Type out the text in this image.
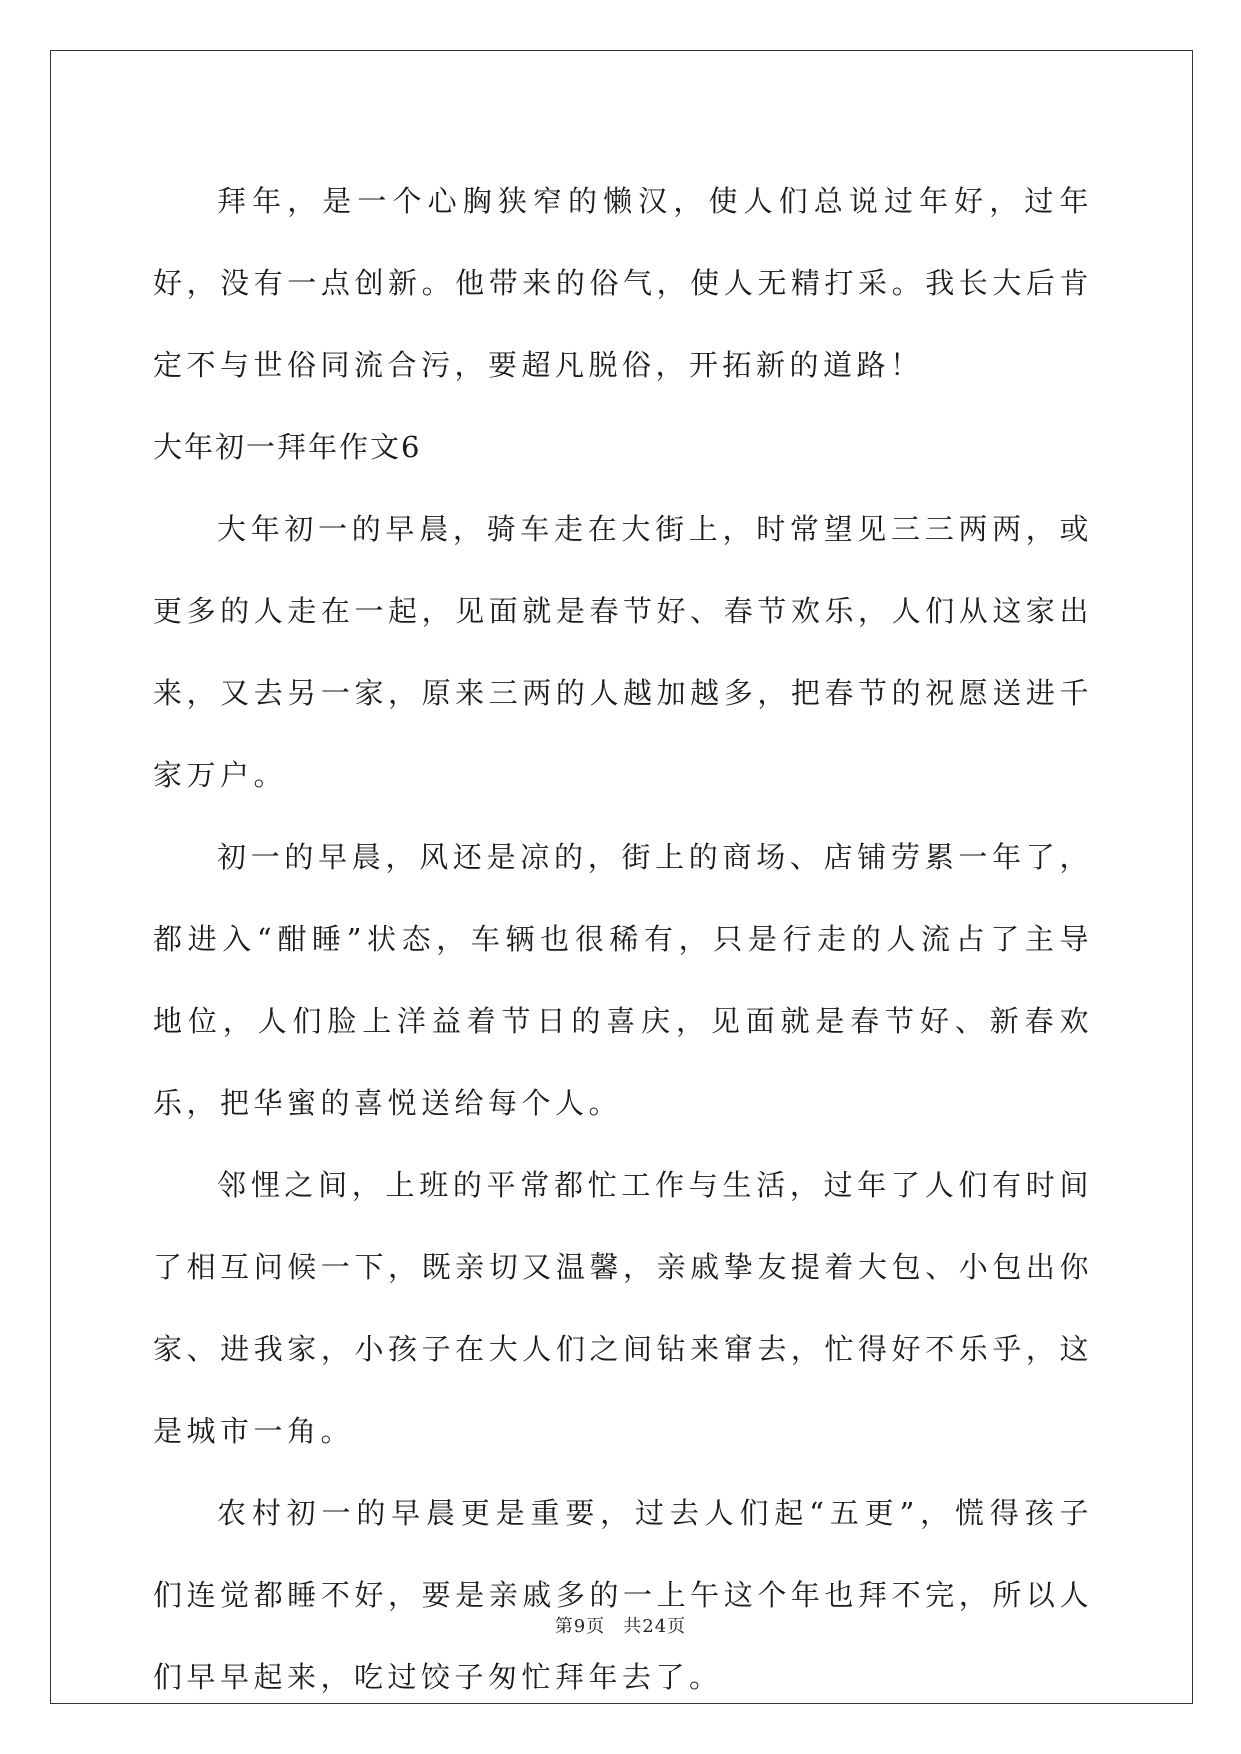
拜年，是一个心胸狭窄的懒汉，使人们总说过年好，过年好，没有一点创新。他带来的俗气，使人无精打采。我长大后肯定不与世俗同流合污，要超凡脱俗，开拓新的道路！

大年初一拜年作文6

大年初一的早晨，骑车走在大街上，时常望见三三两两，或更多的人走在一起，见面就是春节好、春节欢乐，人们从这家出来，又去另一家，原来三两的人越加越多，把春节的祝愿送进千家万户。

初一的早晨，风还是凉的，街上的商场、店铺劳累一年了，都进入“酣睡”状态，车辆也很稀有，只是行走的人流占了主导地位，人们脸上洋益着节日的喜庆，见面就是春节好、新春欢乐，把华蜜的喜悦送给每个人。

邻悝之间，上班的平常都忙工作与生活，过年了人们有时间了相互问候一下，既亲切又温馨，亲戚挚友提着大包、小包出你家、进我家，小孩子在大人们之间钻来窜去，忙得好不乐乎，这是城市一角。

农村初一的早晨更是重要，过去人们起“五更”，慌得孩子们连觉都睡不好，要是亲戚多的一上午这个年也拜不完，所以人们早早起来，吃过饺子匆忙拜年去了。

第9页 共24页
